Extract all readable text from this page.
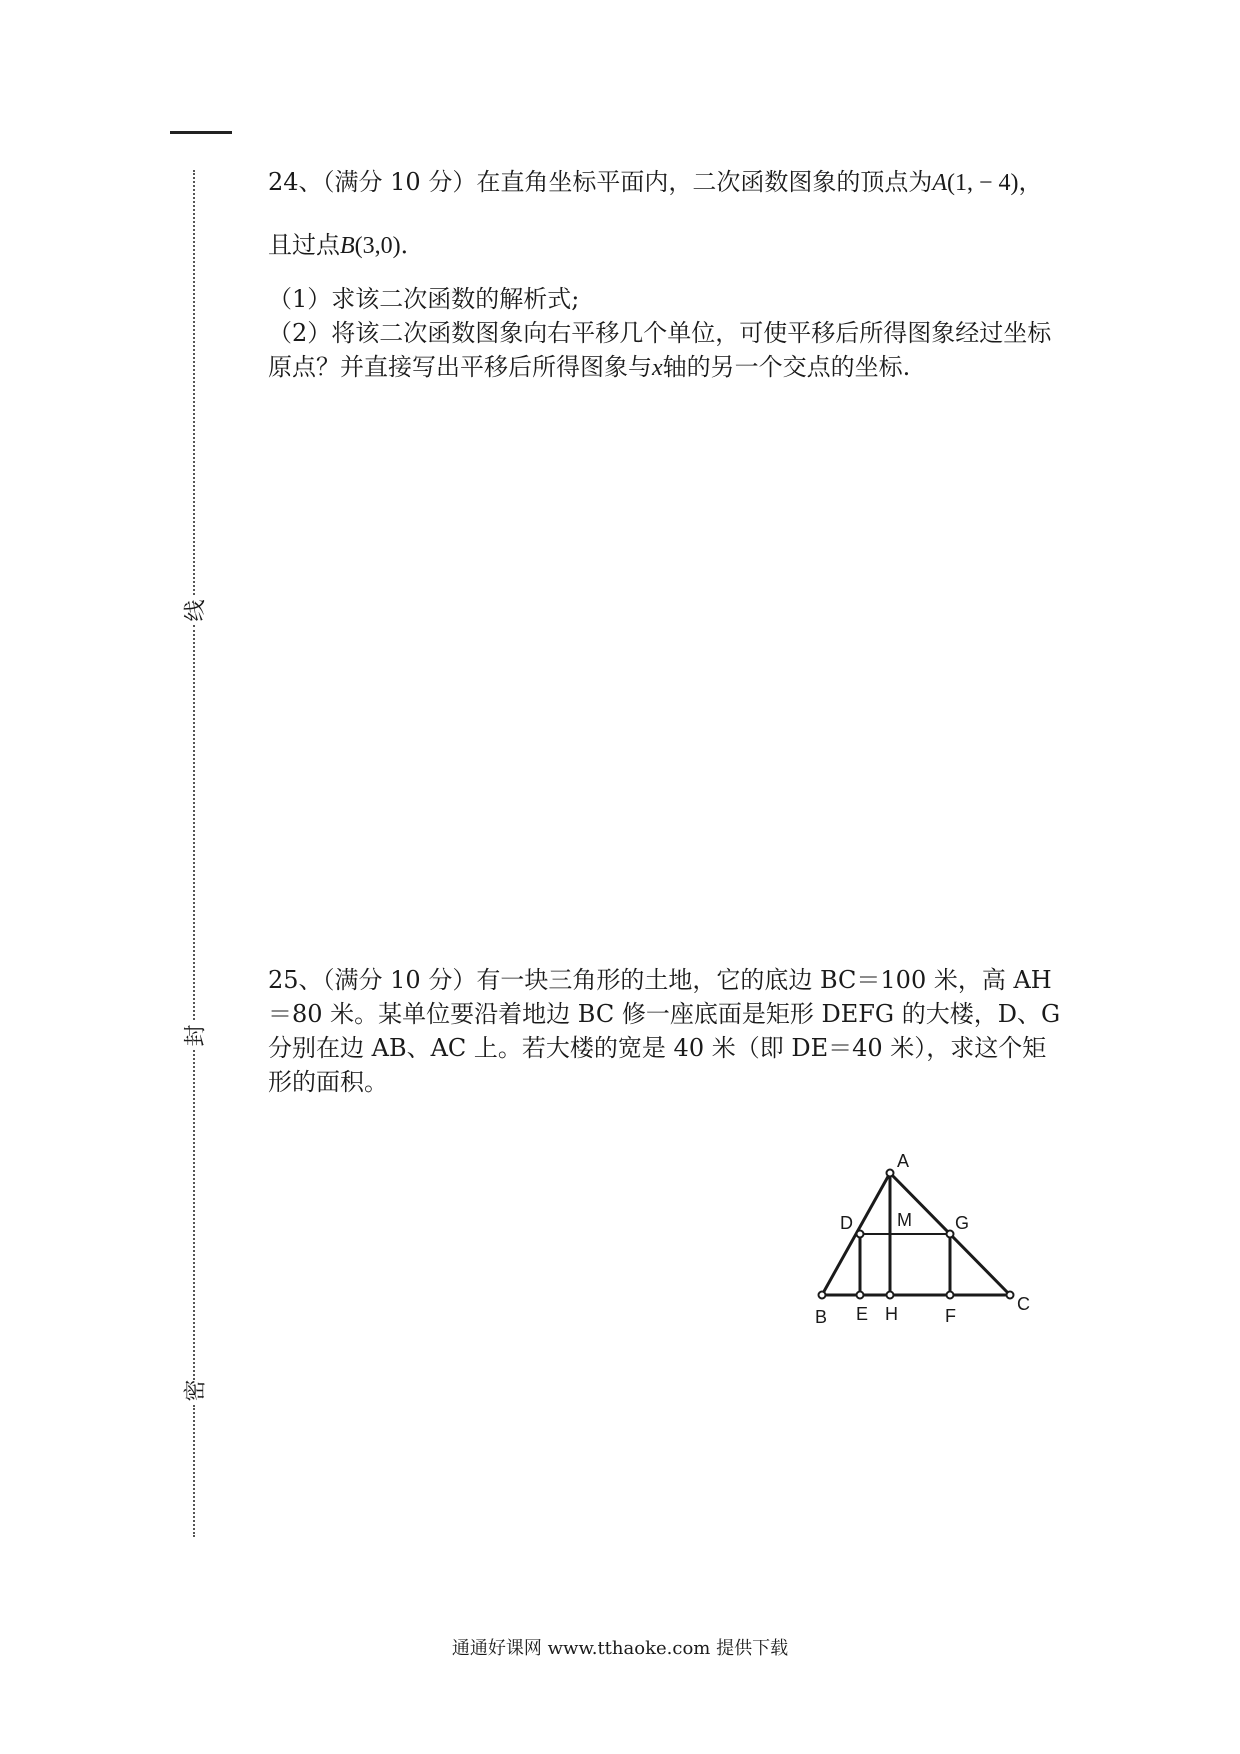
线
封
密
24、（满分 10 分）在直角坐标平面内，二次函数图象的顶点为A(1, − 4)，
且过点B(3,0)．

（1）求该二次函数的解析式;

（2）将该二次函数图象向右平移几个单位，可使平移后所得图象经过坐标原点？并直接写出平移后所得图象与x轴的另一个交点的坐标.

25、（满分 10 分）有一块三角形的土地，它的底边 BC＝100 米，高 AH＝80 米。某单位要沿着地边 BC 修一座底面是矩形 DEFG 的大楼，D、G 分别在边 AB、AC 上。若大楼的宽是 40 米（即 DE＝40 米），求这个矩形的面积。

A
B
C
D
E H	F
G
M
通通好课网 www.tthaoke.com 提供下载
